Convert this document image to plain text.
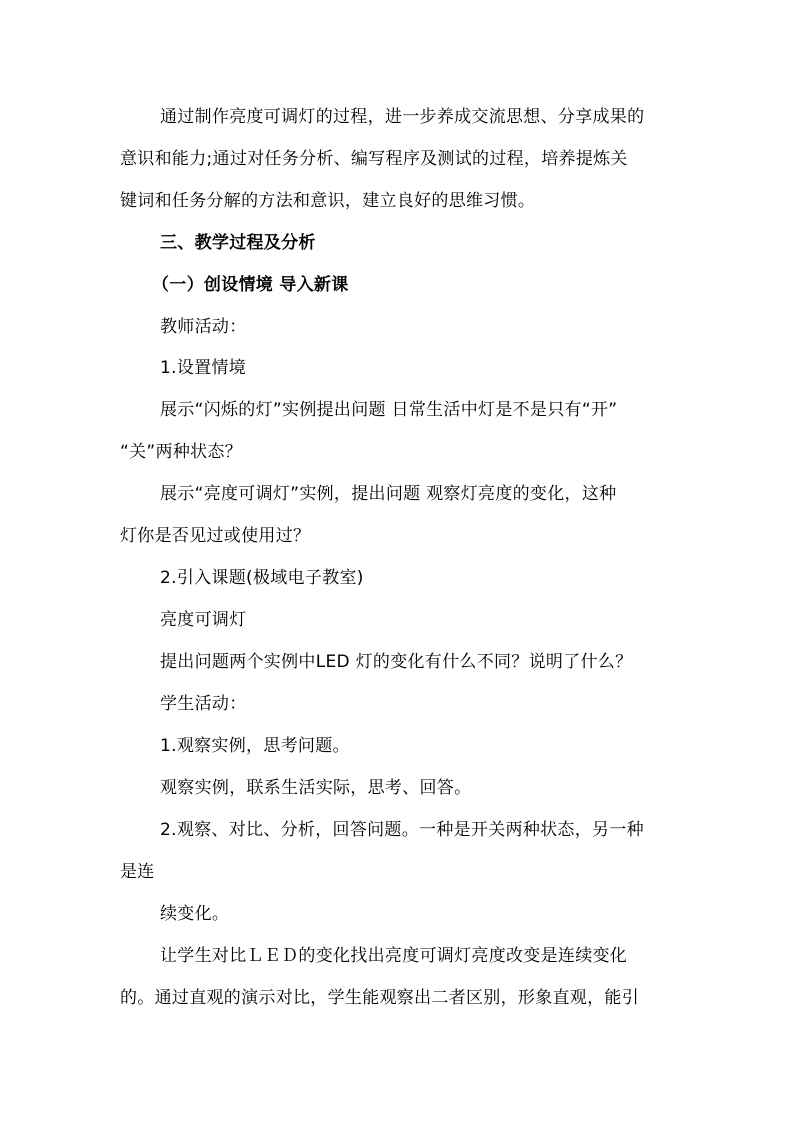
通过制作亮度可调灯的过程，进一步养成交流思想、分享成果的
意识和能力;通过对任务分析、编写程序及测试的过程，培养提炼关
键词和任务分解的方法和意识，建立良好的思维习惯。
三、教学过程及分析
（一）创设情境 导入新课
教师活动：
1.设置情境
展示“闪烁的灯”实例提出问题 日常生活中灯是不是只有“开”
“关”两种状态？
展示“亮度可调灯”实例，提出问题 观察灯亮度的变化，这种
灯你是否见过或使用过？
2.引入课题(极域电子教室)
亮度可调灯
提出问题两个实例中LED 灯的变化有什么不同？说明了什么？
学生活动：
1.观察实例，思考问题。
观察实例，联系生活实际，思考、回答。
2.观察、对比、分析，回答问题。一种是开关两种状态，另一种
是连
续变化。
让学生对比ＬＥＤ的变化找出亮度可调灯亮度改变是连续变化
的。通过直观的演示对比，学生能观察出二者区别，形象直观，能引
